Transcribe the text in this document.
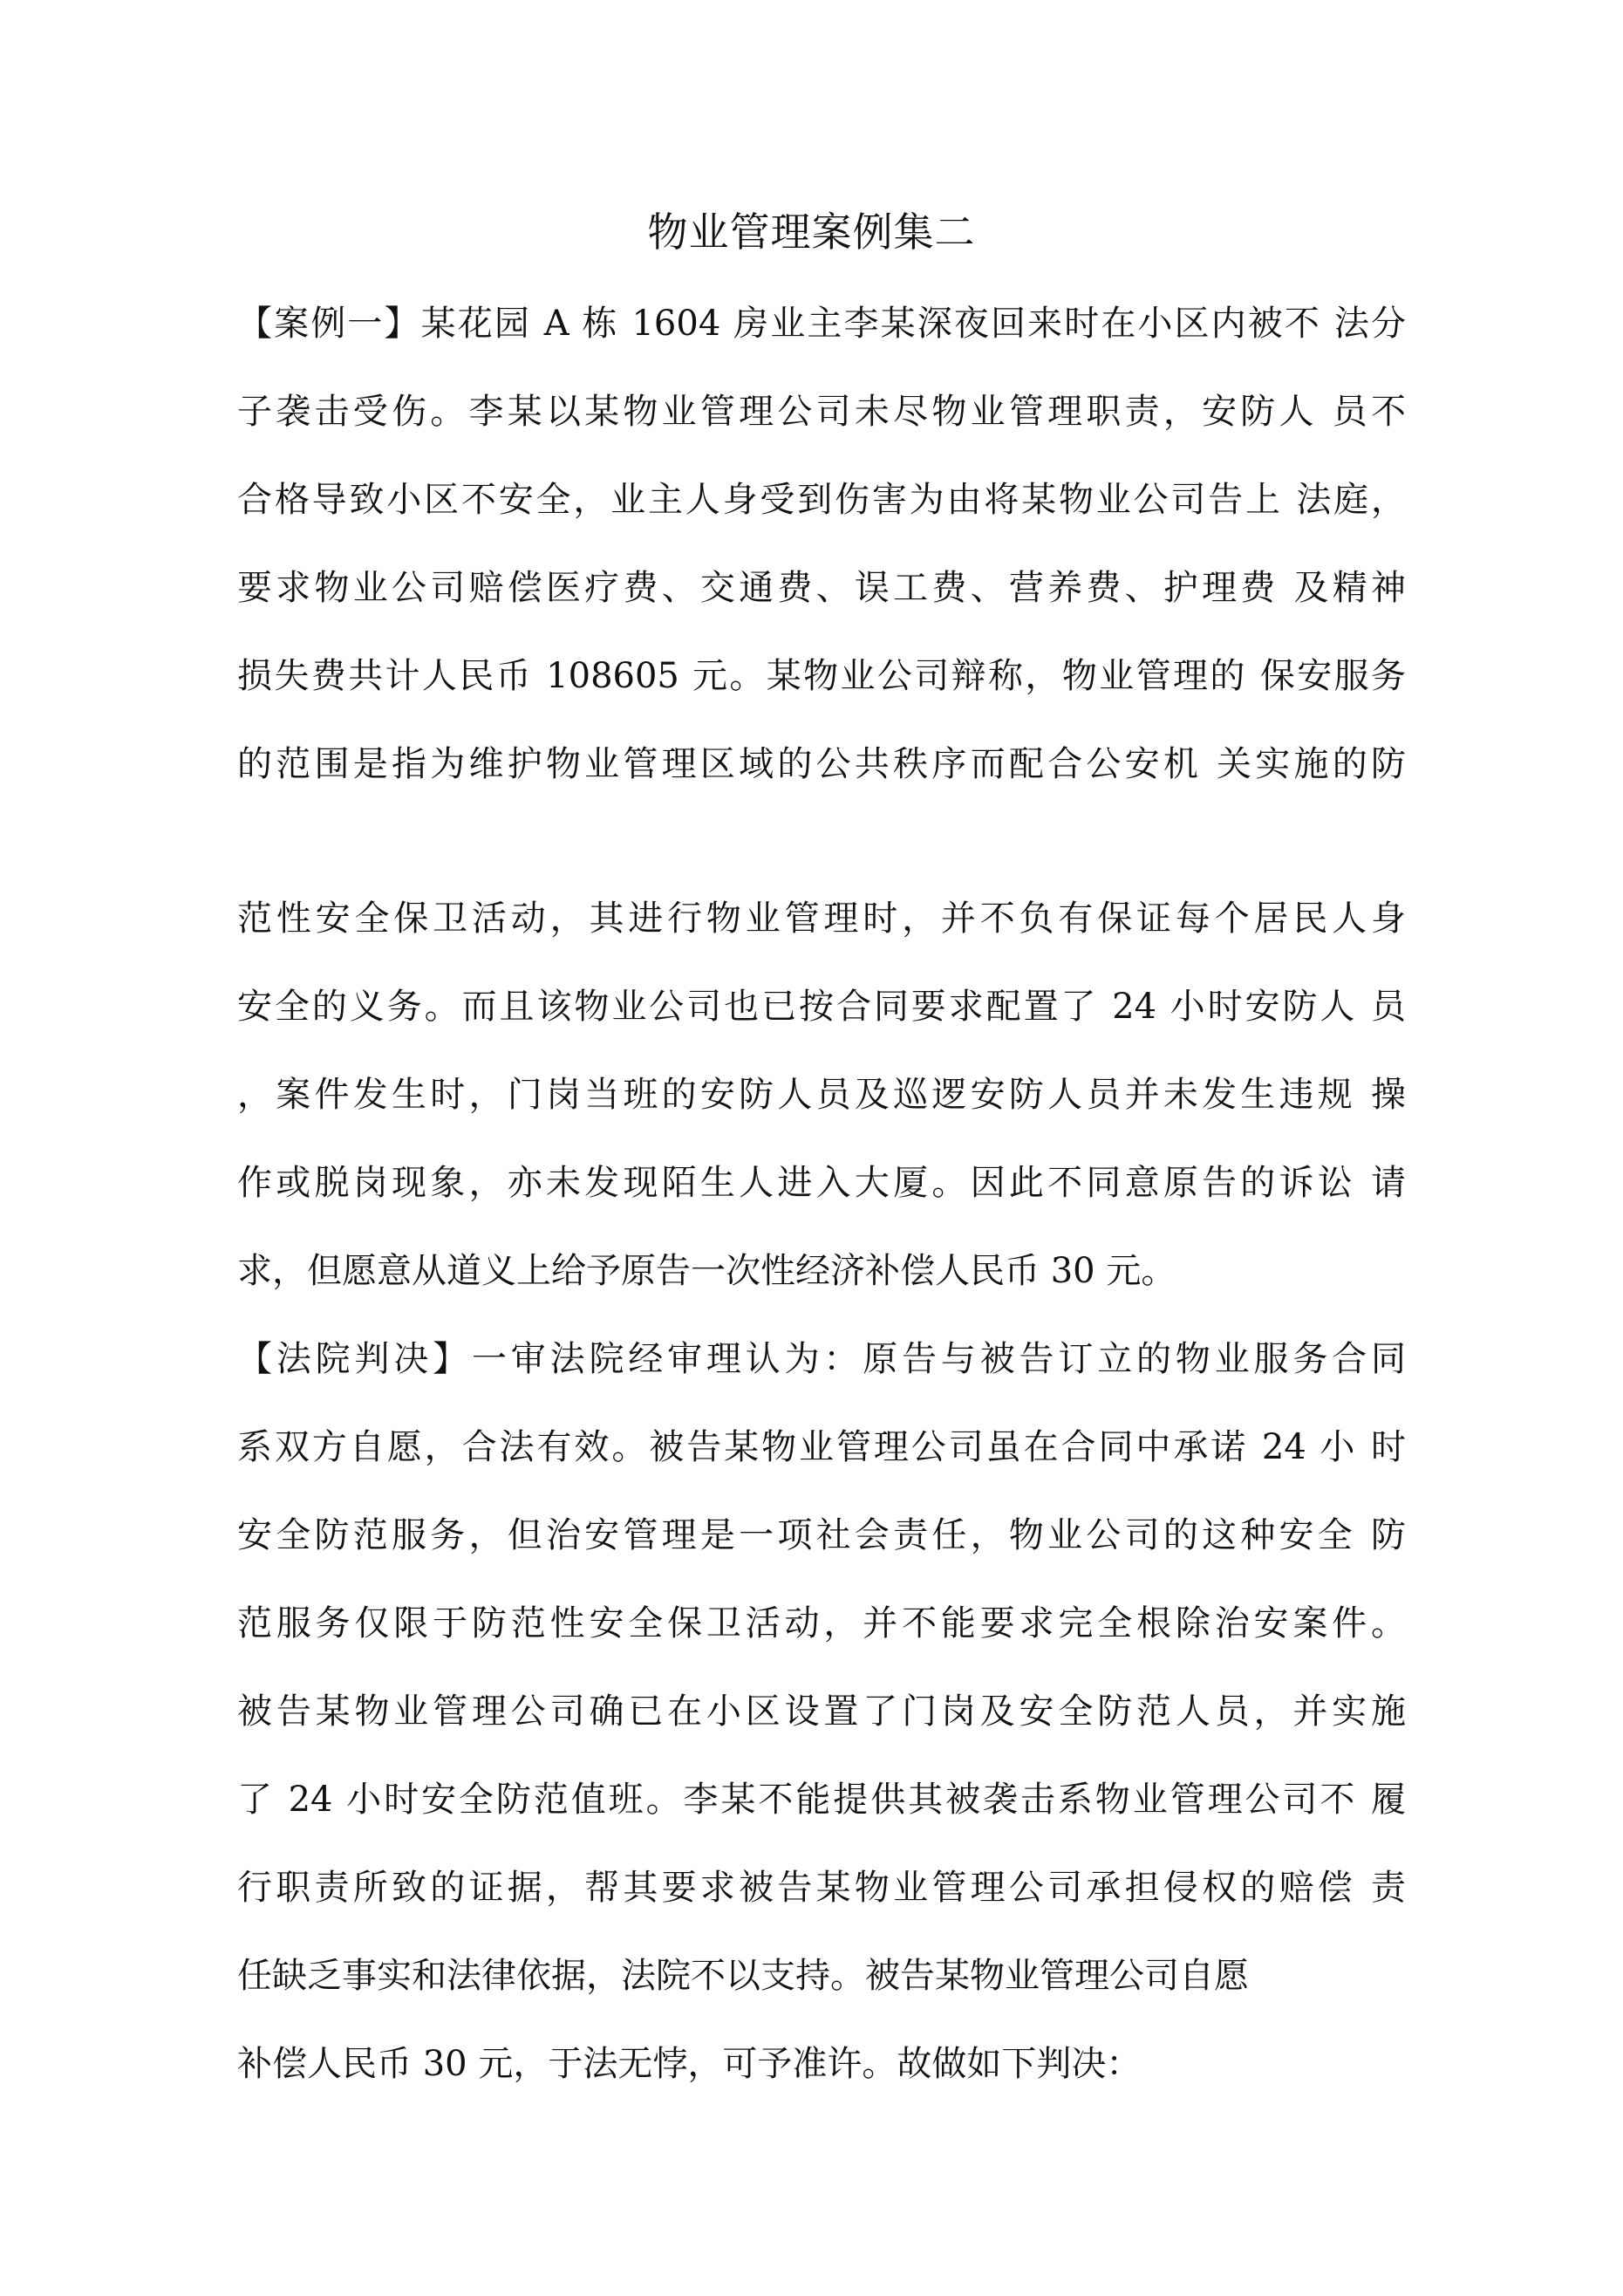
物业管理案例集二
【案例一】某花园 A 栋 1604 房业主李某深夜回来时在小区内被不 法分
子袭击受伤。李某以某物业管理公司未尽物业管理职责，安防人 员不
合格导致小区不安全，业主人身受到伤害为由将某物业公司告上 法庭，
要求物业公司赔偿医疗费、交通费、误工费、营养费、护理费 及精神
损失费共计人民币 108605 元。某物业公司辩称，物业管理的 保安服务
的范围是指为维护物业管理区域的公共秩序而配合公安机 关实施的防
范性安全保卫活动，其进行物业管理时，并不负有保证每个居民人身
安全的义务。而且该物业公司也已按合同要求配置了 24 小时安防人 员
，案件发生时，门岗当班的安防人员及巡逻安防人员并未发生违规 操
作或脱岗现象，亦未发现陌生人进入大厦。因此不同意原告的诉讼 请
求，但愿意从道义上给予原告一次性经济补偿人民币 30 元。
【法院判决】一审法院经审理认为：原告与被告订立的物业服务合同
系双方自愿，合法有效。被告某物业管理公司虽在合同中承诺 24 小 时
安全防范服务，但治安管理是一项社会责任，物业公司的这种安全 防
范服务仅限于防范性安全保卫活动，并不能要求完全根除治安案件。
被告某物业管理公司确已在小区设置了门岗及安全防范人员，并实施
了 24 小时安全防范值班。李某不能提供其被袭击系物业管理公司不 履
行职责所致的证据，帮其要求被告某物业管理公司承担侵权的赔偿 责
任缺乏事实和法律依据，法院不以支持。被告某物业管理公司自愿
补偿人民币 30 元，于法无悖，可予准许。故做如下判决：
